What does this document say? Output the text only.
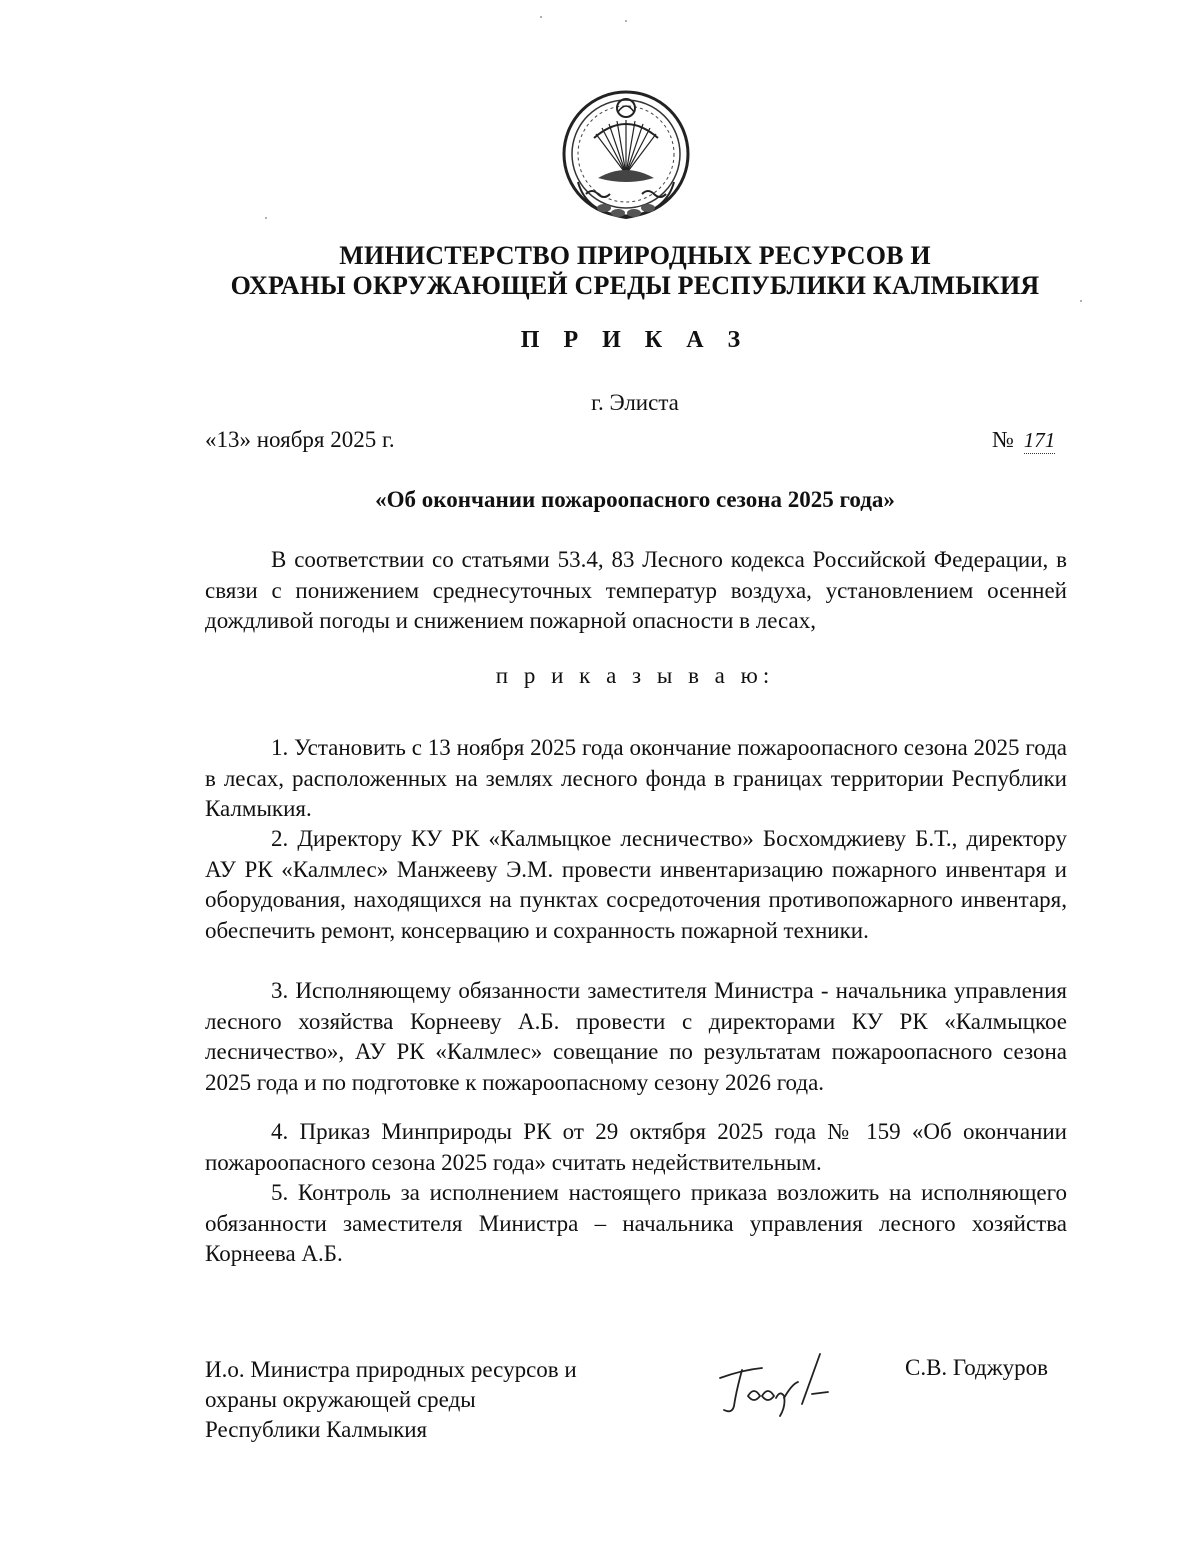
МИНИСТЕРСТВО ПРИРОДНЫХ РЕСУРСОВ И
ОХРАНЫ ОКРУЖАЮЩЕЙ СРЕДЫ РЕСПУБЛИКИ КАЛМЫКИЯ
П Р И К А З
г. Элиста
«13» ноября 2025 г.	№ 171
«Об окончании пожароопасного сезона 2025 года»

В соответствии со статьями 53.4, 83 Лесного кодекса Российской Федерации, в связи с понижением среднесуточных температур воздуха, установлением осенней дождливой погоды и снижением пожарной опасности в лесах,

п р и к а з ы в а ю:

1. Установить с 13 ноября 2025 года окончание пожароопасного сезона 2025 года в лесах, расположенных на землях лесного фонда в границах территории Республики Калмыкия.

2. Директору КУ РК «Калмыцкое лесничество» Босхомджиеву Б.Т., директору АУ РК «Калмлес» Манжееву Э.М. провести инвентаризацию пожарного инвентаря и оборудования, находящихся на пунктах сосредоточения противопожарного инвентаря, обеспечить ремонт, консервацию и сохранность пожарной техники.

3. Исполняющему обязанности заместителя Министра - начальника управления лесного хозяйства Корнееву А.Б. провести с директорами КУ РК «Калмыцкое лесничество», АУ РК «Калмлес» совещание по результатам пожароопасного сезона 2025 года и по подготовке к пожароопасному сезону 2026 года.

4. Приказ Минприроды РК от 29 октября 2025 года № 159 «Об окончании пожароопасного сезона 2025 года» считать недействительным.

5. Контроль за исполнением настоящего приказа возложить на исполняющего обязанности заместителя Министра – начальника управления лесного хозяйства Корнеева А.Б.

И.о. Министра природных ресурсов и
охраны окружающей среды
Республики Калмыкия
С.В. Годжуров
